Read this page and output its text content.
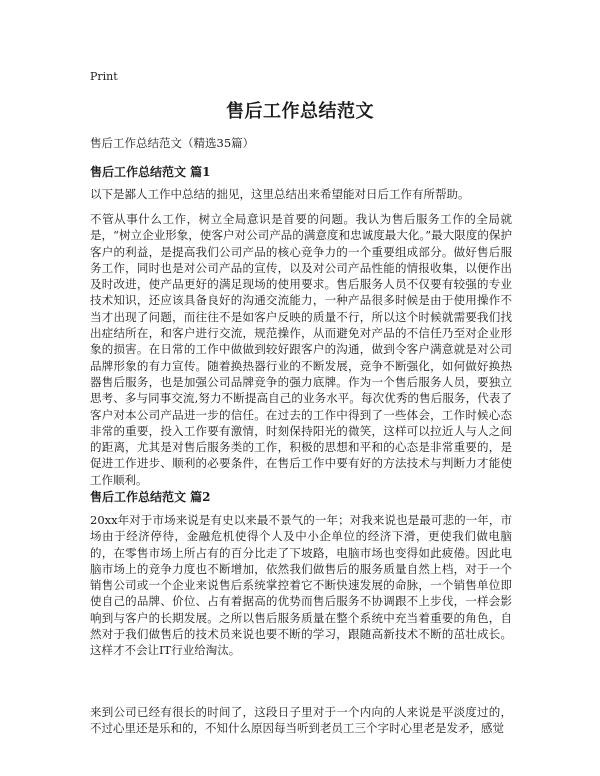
Print
售后工作总结范文

售后工作总结范文（精选35篇）

售后工作总结范文 篇1

以下是鄙人工作中总结的拙见，这里总结出来希望能对日后工作有所帮助。

不管从事什么工作，树立全局意识是首要的问题。我认为售后服务工作的全局就是，“树立企业形象，使客户对公司产品的满意度和忠诚度最大化。”最大限度的保护客户的利益，是提高我们公司产品的核心竞争力的一个重要组成部分。做好售后服务工作，同时也是对公司产品的宣传，以及对公司产品性能的情报收集，以便作出及时改进，使产品更好的满足现场的使用要求。售后服务人员不仅要有较强的专业技术知识，还应该具备良好的沟通交流能力，一种产品很多时候是由于使用操作不当才出现了问题，而往往不是如客户反映的质量不行，所以这个时候就需要我们找出症结所在，和客户进行交流，规范操作，从而避免对产品的不信任乃至对企业形象的损害。在日常的工作中做做到较好跟客户的沟通，做到令客户满意就是对公司品牌形象的有力宣传。随着换热器行业的不断发展，竞争不断强化，如何做好换热器售后服务，也是加强公司品牌竞争的强力底牌。作为一个售后服务人员，要独立思考、多与同事交流,努力不断提高自己的业务水平。每次优秀的售后服务，代表了客户对本公司产品进一步的信任。在过去的工作中得到了一些体会，工作时候心态非常的重要，投入工作要有激情，时刻保持阳光的微笑，这样可以拉近人与人之间的距离，尤其是对售后服务类的工作，积极的思想和平和的心态是非常重要的，是促进工作进步、顺利的必要条件，在售后工作中要有好的方法技术与判断力才能使工作顺利。

售后工作总结范文 篇2

20xx年对于市场来说是有史以来最不景气的一年；对我来说也是最可悲的一年，市场由于经济停待，金融危机使得个人及中小企单位的经济下滑，更使我们做电脑的，在零售市场上所占有的百分比走了下坡路，电脑市场也变得如此疲倦。因此电脑市场上的竞争力度也不断增加，依然我们做售后的服务质量自然上档，对于一个销售公司或一个企业来说售后系统掌控着它不断快速发展的命脉，一个销售单位即使自己的品牌、价位、占有着据高的优势而售后服务不协调跟不上步伐，一样会影响到与客户的长期发展。之所以售后服务质量在整个系统中充当着重要的角色，自然对于我们做售后的技术员来说也要不断的学习，跟随高新技术不断的茁壮成长。这样才不会让IT行业给淘汰。

来到公司已经有很长的时间了，这段日子里对于一个内向的人来说是平淡度过的，不过心里还是乐和的，不知什么原因每当听到老员工三个字时心里老是发矛，感觉
